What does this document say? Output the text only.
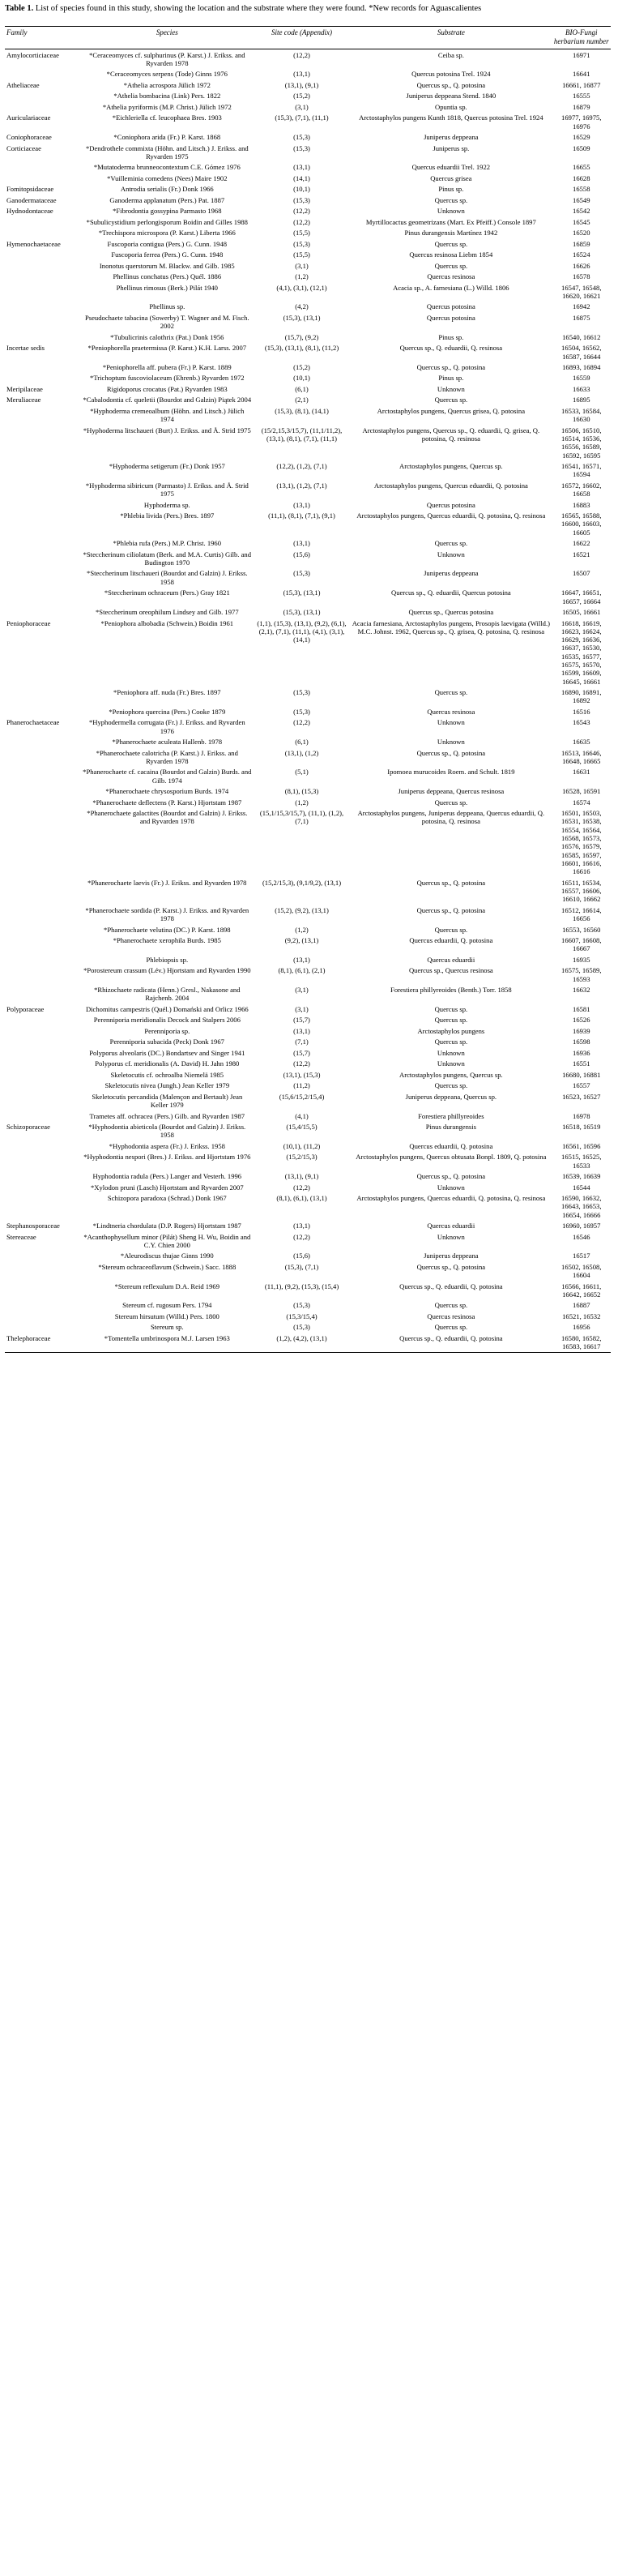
Table 1. List of species found in this study, showing the location and the substrate where they were found. *New records for Aguascalientes
Family	Species	Site code (Appendix)	Substrate	BIO-Fungi herbarium number
Amylocorticiaceae	*Ceraceomyces cf. sulphurinus (P. Karst.) J. Erikss. and Ryvarden 1978	(12,2)	Ceiba sp.	16971
	*Ceraceomyces serpens (Tode) Ginns 1976	(13,1)	Quercus potosina Trel. 1924	16641
Atheliaceae	*Athelia acrospora Jülich 1972	(13,1), (9,1)	Quercus sp., Q. potosina	16661, 16877
	*Athelia bombacina (Link) Pers. 1822	(15,2)	Juniperus deppeana Stend. 1840	16555
	*Athelia pyriformis (M.P. Christ.) Jülich 1972	(3,1)	Opuntia sp.	16879
Auriculariaceae	*Eichleriella cf. leucophaea Bres. 1903	(15,3), (7,1), (11,1)	Arctostaphylos pungens Kunth 1818, Quercus potosina Trel. 1924	16977, 16975, 16976
Coniophoraceae	*Coniophora arida (Fr.) P. Karst. 1868	(15,3)	Juniperus deppeana	16529
Corticiaceae	*Dendrothele commixta (Höhn. and Litsch.) J. Erikss. and Ryvarden 1975	(15,3)	Juniperus sp.	16509
	*Mutatoderma brunneocontextum C.E. Gómez 1976	(13,1)	Quercus eduardii Trel. 1922	16655
	*Vuilleminia comedens (Nees) Maire 1902	(14,1)	Quercus grisea	16628
Fomitopsidaceae	Antrodia serialis (Fr.) Donk 1966	(10,1)	Pinus sp.	16558
Ganodermataceae	Ganoderma applanatum (Pers.) Pat. 1887	(15,3)	Quercus sp.	16549
Hydnodontaceae	*Fibrodontia gossypina Parmasto 1968	(12,2)	Unknown	16542
	*Subulicystidium perlongisporum Boidin and Gilles 1988	(12,2)	Myrtillocactus geometrizans (Mart. Ex Pfeiff.) Console 1897	16545
	*Trechispora microspora (P. Karst.) Liberta 1966	(15,5)	Pinus durangensis Martínez 1942	16520
Hymenochaetaceae	Fuscoporia contigua (Pers.) G. Cunn. 1948	(15,3)	Quercus sp.	16859
	Fuscoporia ferrea (Pers.) G. Cunn. 1948	(15,5)	Quercus resinosa Liebm 1854	16524
	Inonotus querstorum M. Blackw. and Gilb. 1985	(3,1)	Quercus sp.	16626
	Phellinus conchatus (Pers.) Quél. 1886	(1,2)	Quercus resinosa	16578
	Phellinus rimosus (Berk.) Pilát 1940	(4,1), (3,1), (12,1)	Acacia sp., A. farnesiana (L.) Willd. 1806	16547, 16548, 16620, 16621
	Phellinus sp.	(4,2)	Quercus potosina	16942
	Pseudochaete tabacina (Sowerby) T. Wagner and M. Fisch. 2002	(15,3), (13,1)	Quercus potosina	16875
	*Tubulicrinis calothrix (Pat.) Donk 1956	(15,7), (9,2)	Pinus sp.	16540, 16612
Incertae sedis	*Peniophorella praetermissa (P. Karst.) K.H. Larss. 2007	(15,3), (13,1), (8,1), (11,2)	Quercus sp., Q. eduardii, Q. resinosa	16504, 16562, 16587, 16644
	*Peniophorella aff. pubera (Fr.) P. Karst. 1889	(15,2)	Quercus sp., Q. potosina	16893, 16894
	*Trichoptum fuscoviolaceum (Ehrenb.) Ryvarden 1972	(10,1)	Pinus sp.	16559
Meripilaceae	Rigidoporus crocatus (Pat.) Ryvarden 1983	(6,1)	Unknown	16633
Meruliaceae	*Cabalodontia cf. queletii (Bourdot and Galzin) Piątek 2004	(2,1)	Quercus sp.	16895
	*Hyphoderma cremeoalbum (Höhn. and Litsch.) Jülich 1974	(15,3), (8,1), (14,1)	Arctostaphylos pungens, Quercus grisea, Q. potosina	16533, 16584, 16630
	*Hyphoderma litschaueri (Burt) J. Erikss. and Å. Strid 1975	(15/2,15,3/15,7), (11,1/11,2), (13,1), (8,1), (7,1), (11,1)	Arctostaphylos pungens, Quercus sp., Q. eduardii, Q. grisea, Q. potosina, Q. resinosa	16506, 16510, 16514, 16536, 16556, 16589, 16592, 16595
	*Hyphoderma setigerum (Fr.) Donk 1957	(12,2), (1,2), (7,1)	Arctostaphylos pungens, Quercus sp.	16541, 16571, 16594
	*Hyphoderma sibiricum (Parmasto) J. Erikss. and Å. Strid 1975	(13,1), (1,2), (7,1)	Arctostaphylos pungens, Quercus eduardii, Q. potosina	16572, 16602, 16658
	Hyphoderma sp.	(13,1)	Quercus potosina	16883
	*Phlebia livida (Pers.) Bres. 1897	(11,1), (8,1), (7,1), (9,1)	Arctostaphylos pungens, Quercus eduardii, Q. potosina, Q. resinosa	16565, 16588, 16600, 16603, 16605
	*Phlebia rufa (Pers.) M.P. Christ. 1960	(13,1)	Quercus sp.	16622
	*Steccherinum ciliolatum (Berk. and M.A. Curtis) Gilb. and Budington 1970	(15,6)	Unknown	16521
	*Steccherinum litschaueri (Bourdot and Galzin) J. Erikss. 1958	(15,3)	Juniperus deppeana	16507
	*Steccherinum ochraceum (Pers.) Gray 1821	(15,3), (13,1)	Quercus sp., Q. eduardii, Quercus potosina	16647, 16651, 16657, 16664
	*Steccherinum oreophilum Lindsey and Gilb. 1977	(15,3), (13,1)	Quercus sp., Quercus potosina	16505, 16661
Peniophoraceae	*Peniophora albobadia (Schwein.) Boidin 1961	(1,1), (15,3), (13,1), (9,2), (6,1), (2,1), (7,1), (11,1), (4,1), (3,1), (14,1)	Acacia farnesiana, Arctostaphylos pungens, Prosopis laevigata (Willd.) M.C. Johnst. 1962, Quercus sp., Q. grisea, Q. potosina, Q. resinosa	16618, 16619, 16623, 16624, 16629, 16636, 16637, 16530, 16535, 16577, 16575, 16570, 16599, 16609, 16645, 16661
	*Peniophora aff. nuda (Fr.) Bres. 1897	(15,3)	Quercus sp.	16890, 16891, 16892
	*Peniophora quercina (Pers.) Cooke 1879	(15,3)	Quercus resinosa	16516
Phanerochaetaceae	*Hyphodermella corrugata (Fr.) J. Erikss. and Ryvarden 1976	(12,2)	Unknown	16543
	*Phanerochaete aculeata Hallenb. 1978	(6,1)	Unknown	16635
	*Phanerochaete calotricha (P. Karst.) J. Erikss. and Ryvarden 1978	(13,1), (1,2)	Quercus sp., Q. potosina	16513, 16646, 16648, 16665
	*Phanerochaete cf. cacaina (Bourdot and Galzin) Burds. and Gilb. 1974	(5,1)	Ipomoea murucoides Roem. and Schult. 1819	16631
	*Phanerochaete chrysosporium Burds. 1974	(8,1), (15,3)	Juniperus deppeana, Quercus resinosa	16528, 16591
	*Phanerochaete deflectens (P. Karst.) Hjortstam 1987	(1,2)	Quercus sp.	16574
	*Phanerochaete galactites (Bourdot and Galzin) J. Erikss. and Ryvarden 1978	(15,1/15,3/15,7), (11,1), (1,2), (7,1)	Arctostaphylos pungens, Juniperus deppeana, Quercus eduardii, Q. potosina, Q. resinosa	16501, 16503, 16531, 16538, 16554, 16564, 16568, 16573, 16576, 16579, 16585, 16597, 16601, 16616, 16616
	*Phanerochaete laevis (Fr.) J. Erikss. and Ryvarden 1978	(15,2/15,3), (9,1/9,2), (13,1)	Quercus sp., Q. potosina	16511, 16534, 16557, 16606, 16610, 16662
	*Phanerochaete sordida (P. Karst.) J. Erikss. and Ryvarden 1978	(15,2), (9,2), (13,1)	Quercus sp., Q. potosina	16512, 16614, 16656
	*Phanerochaete velutina (DC.) P. Karst. 1898	(1,2)	Quercus sp.	16553, 16560
	*Phanerochaete xerophila Burds. 1985	(9,2), (13,1)	Quercus eduardii, Q. potosina	16607, 16608, 16667
	Phlebiopsis sp.	(13,1)	Quercus eduardii	16935
	*Porostereum crassum (Lév.) Hjortstam and Ryvarden 1990	(8,1), (6,1), (2,1)	Quercus sp., Quercus resinosa	16575, 16589, 16593
	*Rhizochaete radicata (Henn.) Gresl., Nakasone and Rajchenb. 2004	(3,1)	Forestiera phillyreoides (Benth.) Torr. 1858	16632
Polyporaceae	Dichomitus campestris (Quél.) Domański and Orlicz 1966	(3,1)	Quercus sp.	16581
	Perenniporia meridionalis Decock and Stalpers 2006	(15,7)	Quercus sp.	16526
	Perenniporia sp.	(13,1)	Arctostaphylos pungens	16939
	Perenniporia subacida (Peck) Donk 1967	(7,1)	Quercus sp.	16598
	Polyporus alveolaris (DC.) Bondartsev and Singer 1941	(15,7)	Unknown	16936
	Polyporus cf. meridionalis (A. David) H. Jahn 1980	(12,2)	Unknown	16551
	Skeletocutis cf. ochroalba Niemelä 1985	(13,1), (15,3)	Arctostaphylos pungens, Quercus sp.	16680, 16881
	Skeletocutis nivea (Jungh.) Jean Keller 1979	(11,2)	Quercus sp.	16557
	Skeletocutis percandida (Malençon and Bertault) Jean Keller 1979	(15,6/15,2/15,4)	Juniperus deppeana, Quercus sp.	16523, 16527
	Trametes aff. ochracea (Pers.) Gilb. and Ryvarden 1987	(4,1)	Forestiera phillyreoides	16978
Schizoporaceae	*Hyphodontia abieticola (Bourdot and Galzin) J. Erikss. 1958	(15,4/15,5)	Pinus durangensis	16518, 16519
	*Hyphodontia aspera (Fr.) J. Erikss. 1958	(10,1), (11,2)	Quercus eduardii, Q. potosina	16561, 16596
	*Hyphodontia nespori (Bres.) J. Erikss. and Hjortstam 1976	(15,2/15,3)	Arctostaphylos pungens, Quercus obtusata Bonpl. 1809, Q. potosina	16515, 16525, 16533
	Hyphodontia radula (Pers.) Langer and Vesterh. 1996	(13,1), (9,1)	Quercus sp., Q. potosina	16539, 16639
	*Xylodon pruni (Lasch) Hjortstam and Ryvarden 2007	(12,2)	Unknown	16544
	Schizopora paradoxa (Schrad.) Donk 1967	(8,1), (6,1), (13,1)	Arctostaphylos pungens, Quercus eduardii, Q. potosina, Q. resinosa	16590, 16632, 16643, 16653, 16654, 16666
Stephanosporaceae	*Lindtneria chordulata (D.P. Rogers) Hjortstam 1987	(13,1)	Quercus eduardii	16960, 16957
Stereaceae	*Acanthophysellum minor (Pilát) Sheng H. Wu, Boidin and C.Y. Chien 2000	(12,2)	Unknown	16546
	*Aleurodiscus thujae Ginns 1990	(15,6)	Juniperus deppeana	16517
	*Stereum ochraceoflavum (Schwein.) Sacc. 1888	(15,3), (7,1)	Quercus sp., Q. potosina	16502, 16508, 16604
	*Stereum reflexulum D.A. Reid 1969	(11,1), (9,2), (15,3), (15,4)	Quercus sp., Q. eduardii, Q. potosina	16566, 16611, 16642, 16652
	Stereum cf. rugosum Pers. 1794	(15,3)	Quercus sp.	16887
	Stereum hirsutum (Willd.) Pers. 1800	(15,3/15,4)	Quercus resinosa	16521, 16532
	Stereum sp.	(15,3)	Quercus sp.	16956
Thelephoraceae	*Tomentella umbrinospora M.J. Larsen 1963	(1,2), (4,2), (13,1)	Quercus sp., Q. eduardii, Q. potosina	16580, 16582, 16583, 16617
